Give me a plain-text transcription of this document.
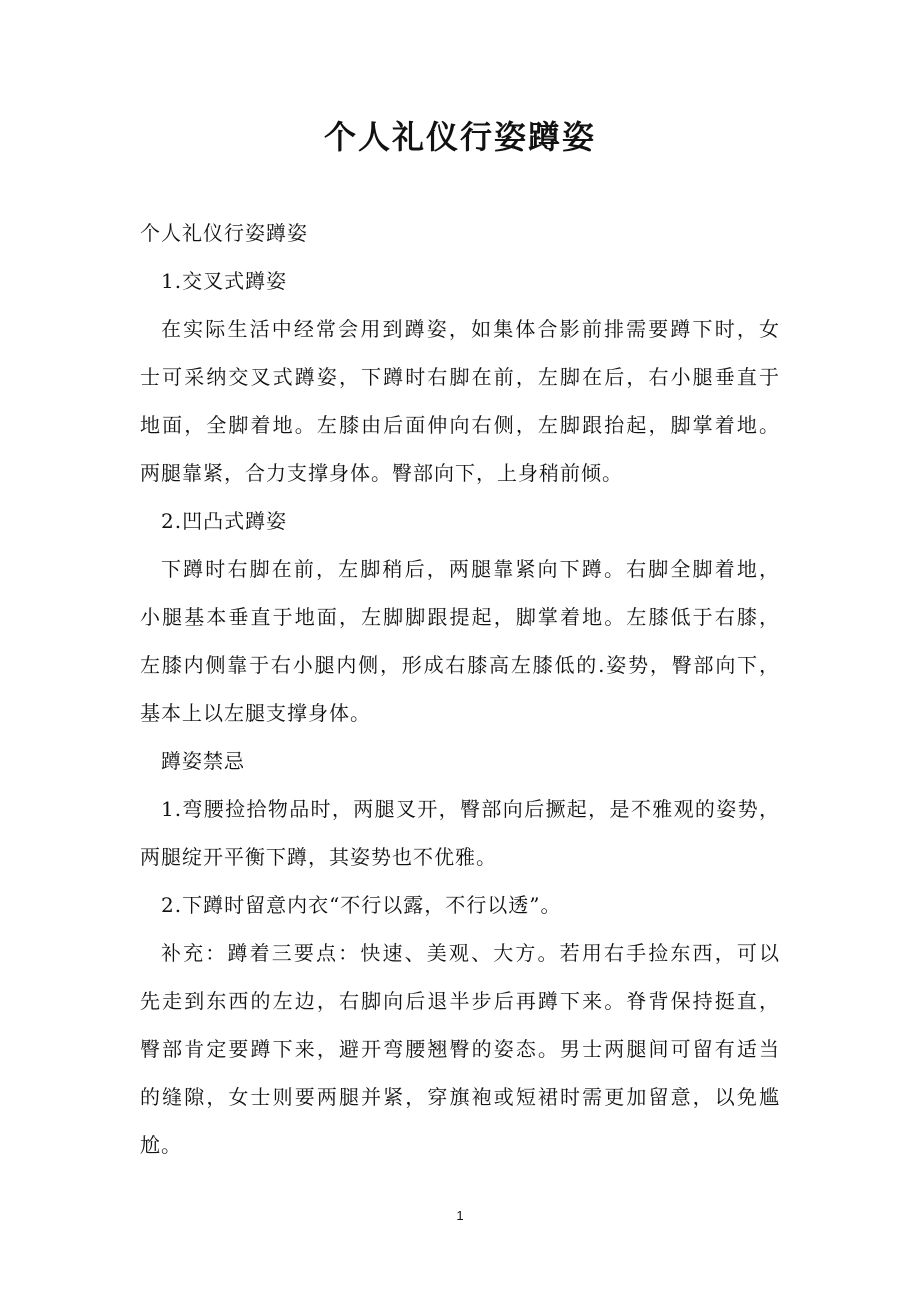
个人礼仪行姿蹲姿
个人礼仪行姿蹲姿
1.交叉式蹲姿
在实际生活中经常会用到蹲姿，如集体合影前排需要蹲下时，女
士可采纳交叉式蹲姿，下蹲时右脚在前，左脚在后，右小腿垂直于
地面，全脚着地。左膝由后面伸向右侧，左脚跟抬起，脚掌着地。
两腿靠紧，合力支撑身体。臀部向下，上身稍前倾。
2.凹凸式蹲姿
下蹲时右脚在前，左脚稍后，两腿靠紧向下蹲。右脚全脚着地，
小腿基本垂直于地面，左脚脚跟提起，脚掌着地。左膝低于右膝，
左膝内侧靠于右小腿内侧，形成右膝高左膝低的.姿势，臀部向下，
基本上以左腿支撑身体。
蹲姿禁忌
1.弯腰捡拾物品时，两腿叉开，臀部向后撅起，是不雅观的姿势，
两腿绽开平衡下蹲，其姿势也不优雅。
2.下蹲时留意内衣“不行以露，不行以透”。
补充：蹲着三要点：快速、美观、大方。若用右手捡东西，可以
先走到东西的左边，右脚向后退半步后再蹲下来。脊背保持挺直，
臀部肯定要蹲下来，避开弯腰翘臀的姿态。男士两腿间可留有适当
的缝隙，女士则要两腿并紧，穿旗袍或短裙时需更加留意，以免尴
尬。
1
